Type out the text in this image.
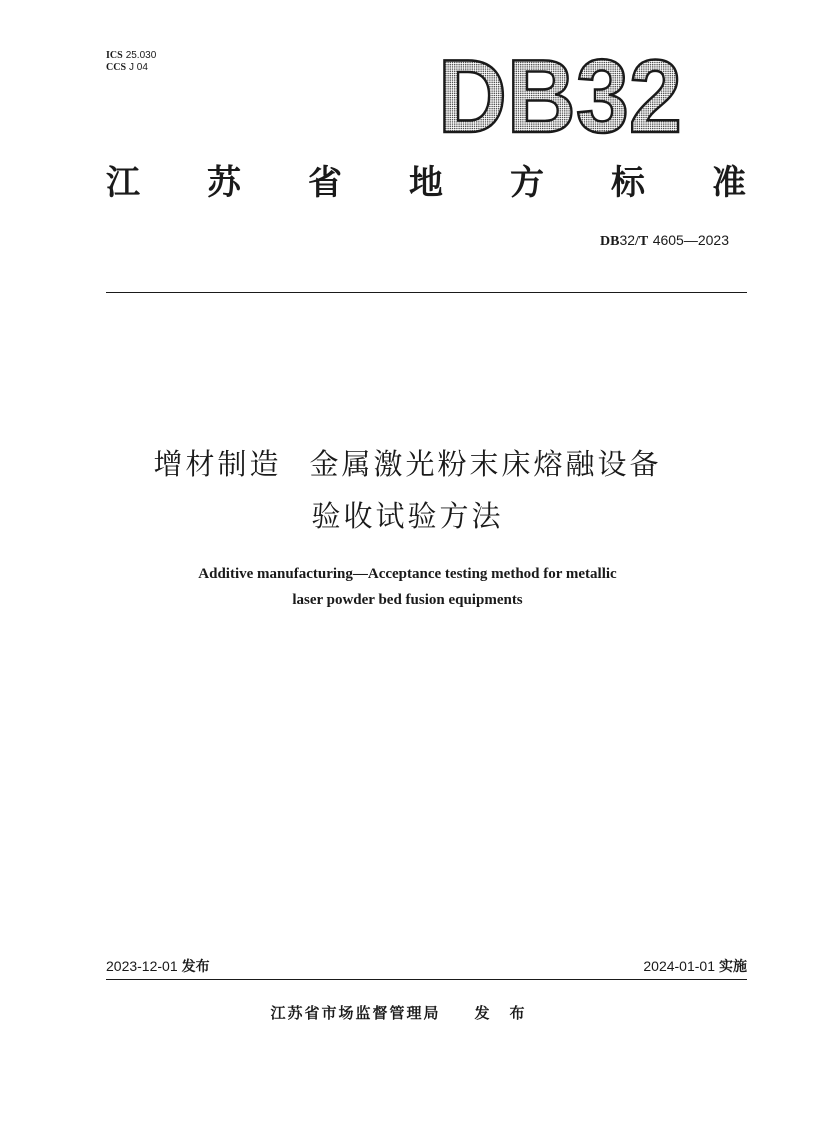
ICS 25.030
CCS J 04	DB32
江 苏 省 地 方 标 准
DB32/T 4605—2023
增材制造 金属激光粉末床熔融设备
验收试验方法
Additive manufacturing—Acceptance testing method for metallic
laser powder bed fusion equipments
2023-12-01 发布	2024-01-01 实施
江苏省市场监督管理局 发布
